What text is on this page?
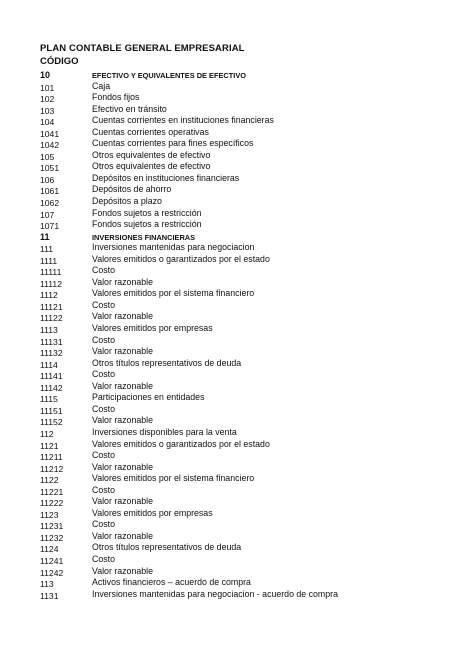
PLAN CONTABLE GENERAL EMPRESARIAL
CÓDIGO
10	EFECTIVO Y EQUIVALENTES DE EFECTIVO
101	Caja
102	Fondos fijos
103	Efectivo en tránsito
104	Cuentas corrientes en instituciones financieras
1041	Cuentas corrientes operativas
1042	Cuentas corrientes para fines específicos
105	Otros equivalentes de efectivo
1051	Otros equivalentes de efectivo
106	Depósitos en instituciones financieras
1061	Depósitos de ahorro
1062	Depósitos a plazo
107	Fondos sujetos a restricción
1071	Fondos sujetos a restricción
11	INVERSIONES FINANCIERAS
111	Inversiones mantenidas para negociacion
1111	Valores emitidos o garantizados por el estado
11111	Costo
11112	Valor razonable
1112	Valores emitidos por el sistema financiero
11121	Costo
11122	Valor razonable
1113	Valores emitidos por empresas
11131	Costo
11132	Valor razonable
1114	Otros títulos representativos de deuda
11141	Costo
11142	Valor razonable
1115	Participaciones en entidades
11151	Costo
11152	Valor razonable
112	Inversiones disponibles para la venta
1121	Valores emitidos o garantizados por el estado
11211	Costo
11212	Valor razonable
1122	Valores emitidos por el sistema financiero
11221	Costo
11222	Valor razonable
1123	Valores emitidos por empresas
11231	Costo
11232	Valor razonable
1124	Otros títulos representativos de deuda
11241	Costo
11242	Valor razonable
113	Activos financieros – acuerdo de compra
1131	Inversiones mantenidas para negociacion - acuerdo de compra
